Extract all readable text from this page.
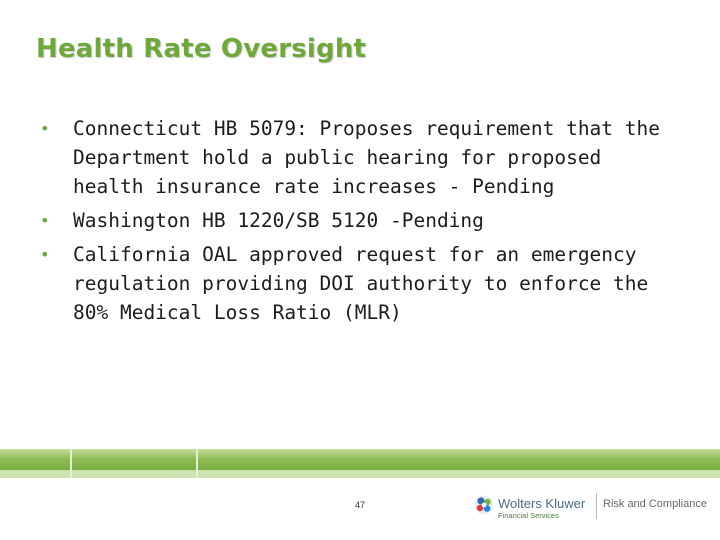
Health Rate Oversight
• Connecticut HB 5079: Proposes requirement that the Department hold a public hearing for proposed health insurance rate increases - Pending
• Washington HB 1220/SB 5120 -Pending
• California OAL approved request for an emergency regulation providing DOI authority to enforce the 80% Medical Loss Ratio (MLR)
47	Wolters Kluwer
Financial Services
Risk and Compliance
